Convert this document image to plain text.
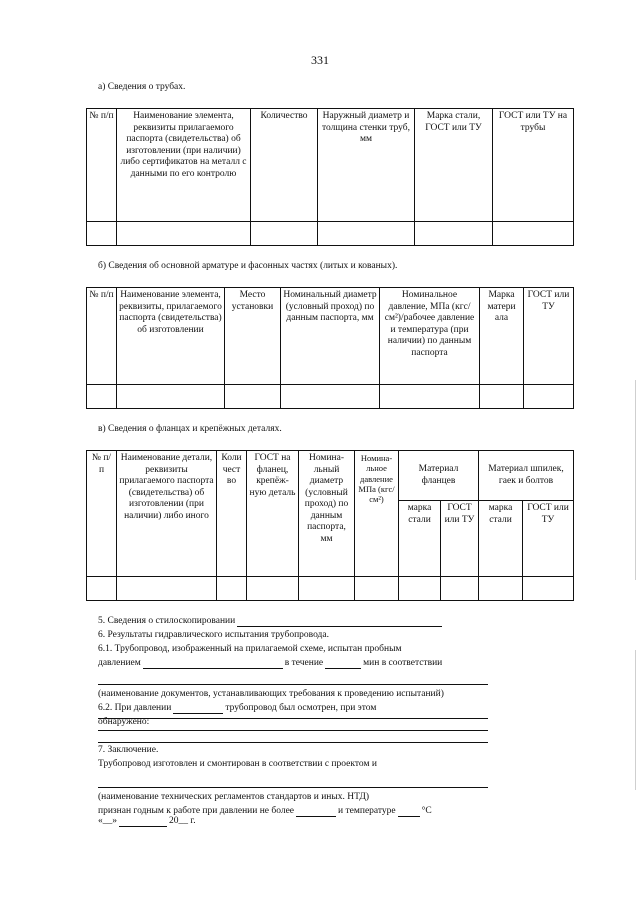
331
а) Сведения о трубах.
№ п/п	Наименование элемента, реквизиты прилагаемого паспорта (свидетельства) об изготовлении (при наличии) либо сертификатов на металл с данными по его контролю	Количество	Наружный диаметр и толщина стенки труб, мм	Марка стали, ГОСТ или ТУ	ГОСТ или ТУ на трубы

б) Сведения об основной арматуре и фасонных частях (литых и кованых).
№ п/п	Наименование элемента, реквизиты, прилагаемого паспорта (свидетельства) об изготовлении	Место установки	Номинальный диаметр (условный проход) по данным паспорта, мм	Номинальное давление, МПа (кгс/см²)/рабочее давление и температура (при наличии) по данным паспорта	Марка матери ала	ГОСТ или ТУ

в) Сведения о фланцах и крепёжных деталях.
№ п/ п	Наименование детали, реквизиты прилагаемого паспорта (свидетельства) об изготовлении (при наличии) либо иного	Коли чест во	ГОСТ на фланец, крепёж- ную деталь	Номина- льный диаметр (условный проход) по данным паспорта, мм	Номина- льное давление МПа (кгс/см²)	Материал фланцев		Материал шпилек, гаек и болтов	
						марка стали	ГОСТ или ТУ	марка стали	ГОСТ или ТУ

5. Сведения о стилоскопировании
6. Результаты гидравлического испытания трубопровода.
6.1. Трубопровод, изображенный на прилагаемой схеме, испытан пробным
давлением	в течение	мин в соответствии
(наименование документов, устанавливающих требования к проведению испытаний)
6.2. При давлении	трубопровод был осмотрен, при этом
обнаружено:
7. Заключение.
Трубопровод изготовлен и смонтирован в соответствии с проектом и
(наименование технических регламентов стандартов и иных. НТД)
признан годным к работе при давлении не более	и температуре	°C
«__»	20__ г.
